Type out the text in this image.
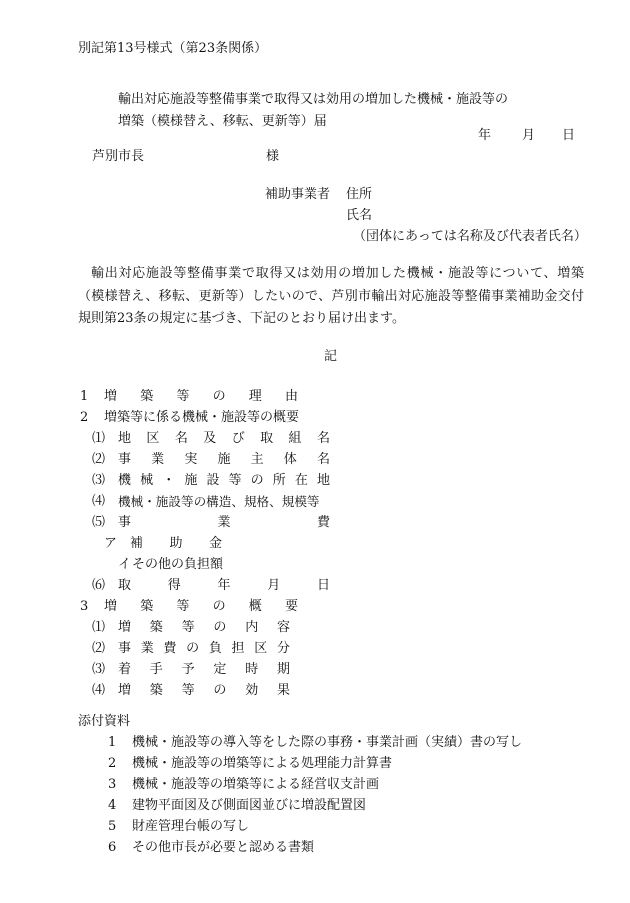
別記第13号様式（第23条関係）
輸出対応施設等整備事業で取得又は効用の増加した機械・施設等の
増築（模様替え、移転、更新等）届
年 月 日
芦別市長	様
補助事業者 住所
氏名
（団体にあっては名称及び代表者氏名）
輸出対応施設等整備事業で取得又は効用の増加した機械・施設等について、増築（模様替え、移転、更新等）したいので、芦別市輸出対応施設等整備事業補助金交付規則第23条の規定に基づき、下記のとおり届け出ます。
記
1 増 築 等 の 理 由
2 増築等に係る機械・施設等の概要
⑴ 地 区 名 及 び 取 組 名
⑵ 事 業 実 施 主 体 名
⑶ 機 械 ・ 施 設 等 の 所 在 地
⑷ 機械・施設等の構造、規格、規模等
⑸ 事	業	費
ア 補 助 金
イ その他の負担額
⑹ 取	得	年	月	日
3 増 築 等 の 概 要
⑴ 増 築 等 の 内 容
⑵ 事 業 費 の 負 担 区 分
⑶ 着 手 予 定 時 期
⑷ 増 築 等 の 効 果
添付資料
1 機械・施設等の導入等をした際の事務・事業計画（実績）書の写し
2 機械・施設等の増築等による処理能力計算書
3 機械・施設等の増築等による経営収支計画
4 建物平面図及び側面図並びに増設配置図
5 財産管理台帳の写し
6 その他市長が必要と認める書類
